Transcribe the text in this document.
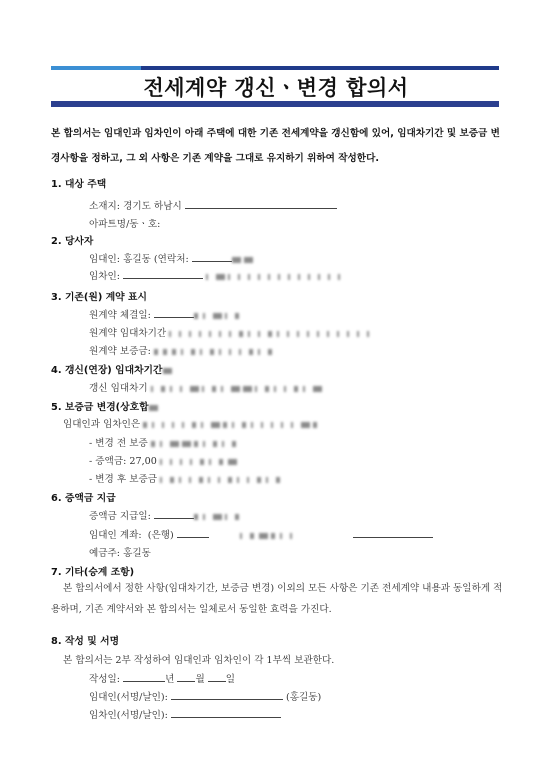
전세계약 갱신ㆍ변경 합의서
본 합의서는 임대인과 임차인이 아래 주택에 대한 기존 전세계약을 갱신함에 있어, 임대차기간 및 보증금 변경사항을 정하고, 그 외 사항은 기존 계약을 그대로 유지하기 위하여 작성한다.
1. 대상 주택
소재지: 경기도 하남시
아파트명/동ㆍ호:
2. 당사자
임대인: 홍길동 (연락처:
임차인:
3. 기존(원) 계약 표시
원계약 체결일:
원계약 임대차기간
원계약 보증금:
4. 갱신(연장) 임대차기간
갱신 임대차기
5. 보증금 변경(상호합
임대인과 임차인은
- 변경 전 보증
- 증액금: 27,00
- 변경 후 보증금
6. 증액금 지급
증액금 지급일:
임대인 계좌: (은행)
예금주: 홍길동
7. 기타(승계 조항)
본 합의서에서 정한 사항(임대차기간, 보증금 변경) 이외의 모든 사항은 기존 전세계약 내용과 동일하게 적용하며, 기존 계약서와 본 합의서는 일체로서 동일한 효력을 가진다.
8. 작성 및 서명
본 합의서는 2부 작성하여 임대인과 임차인이 각 1부씩 보관한다.
작성일:	년 월 일
임대인(서명/날인):	(홍길동)
임차인(서명/날인):
